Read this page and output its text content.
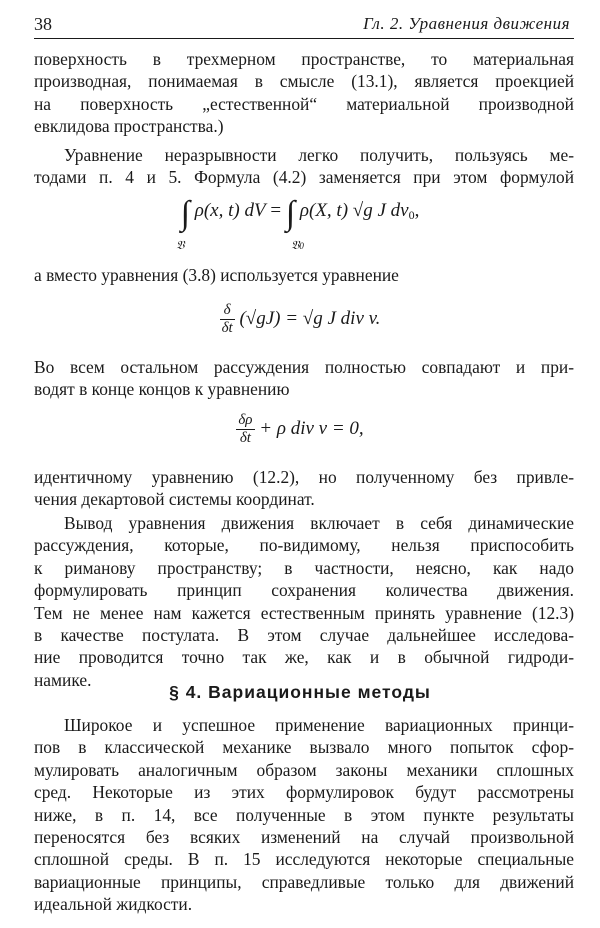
38	Гл. 2. Уравнения движения

поверхность в трехмерном пространстве, то материальная

производная, понимаемая в смысле (13.1), является проекцией

на поверхность „естественной“ материальной производной

евклидова пространства.)

Уравнение неразрывности легко получить, пользуясь ме-

тодами п. 4 и 5. Формула (4.2) заменяется при этом формулой

∫ ρ(x, t) dV = ∫ ρ(X, t) √g J $dv_0$,
𝔙	𝔙0

а вместо уравнения (3.8) используется уравнение

$\frac{\delta}{\delta t} (√gJ) = √g$ J div v.

Во всем остальном рассуждения полностью совпадают и при-

водят в конце концов к уравнению

$\frac{\delta\rho}{\delta t} + \rho$ div v = 0,

идентичному уравнению (12.2), но полученному без привле-

чения декартовой системы координат.

Вывод уравнения движения включает в себя динамические

рассуждения, которые, по-видимому, нельзя приспособить

к риманову пространству; в частности, неясно, как надо

формулировать принцип сохранения количества движения.

Тем не менее нам кажется естественным принять уравнение (12.3)

в качестве постулата. В этом случае дальнейшее исследова-

ние проводится точно так же, как и в обычной гидроди-

намике.

§ 4. Вариационные методы

Широкое и успешное применение вариационных принци-

пов в классической механике вызвало много попыток сфор-

мулировать аналогичным образом законы механики сплошных

сред. Некоторые из этих формулировок будут рассмотрены

ниже, в п. 14, все полученные в этом пункте результаты

переносятся без всяких изменений на случай произвольной

сплошной среды. В п. 15 исследуются некоторые специальные

вариационные принципы, справедливые только для движений

идеальной жидкости.
